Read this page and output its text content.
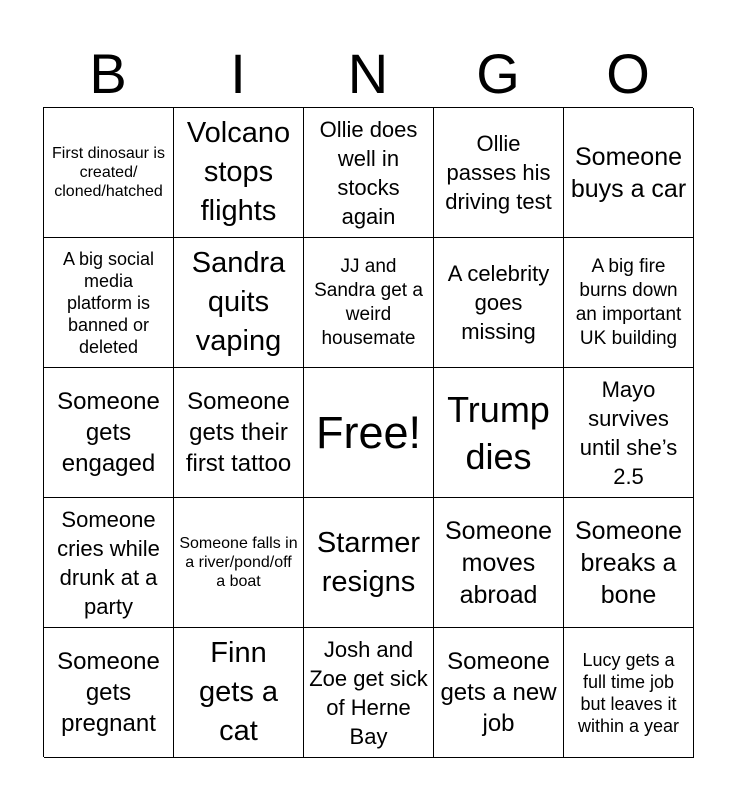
B	I	N	G	O
First dinosaur is created/ cloned/hatched
Volcano stops flights
Ollie does well in stocks again
Ollie passes his driving test
Someone buys a car
A big social media platform is banned or deleted
Sandra quits vaping
JJ and Sandra get a weird housemate
A celebrity goes missing
A big fire burns down an important UK building
Someone gets engaged
Someone gets their first tattoo
Free! Trump dies
Mayo survives until she’s 2.5
Someone cries while drunk at a party
Someone falls in a river/pond/off a boat
Starmer resigns
Someone moves abroad
Someone breaks a bone
Someone gets pregnant
Finn gets a cat
Josh and Zoe get sick of Herne Bay
Someone gets a new job
Lucy gets a full time job but leaves it within a year
